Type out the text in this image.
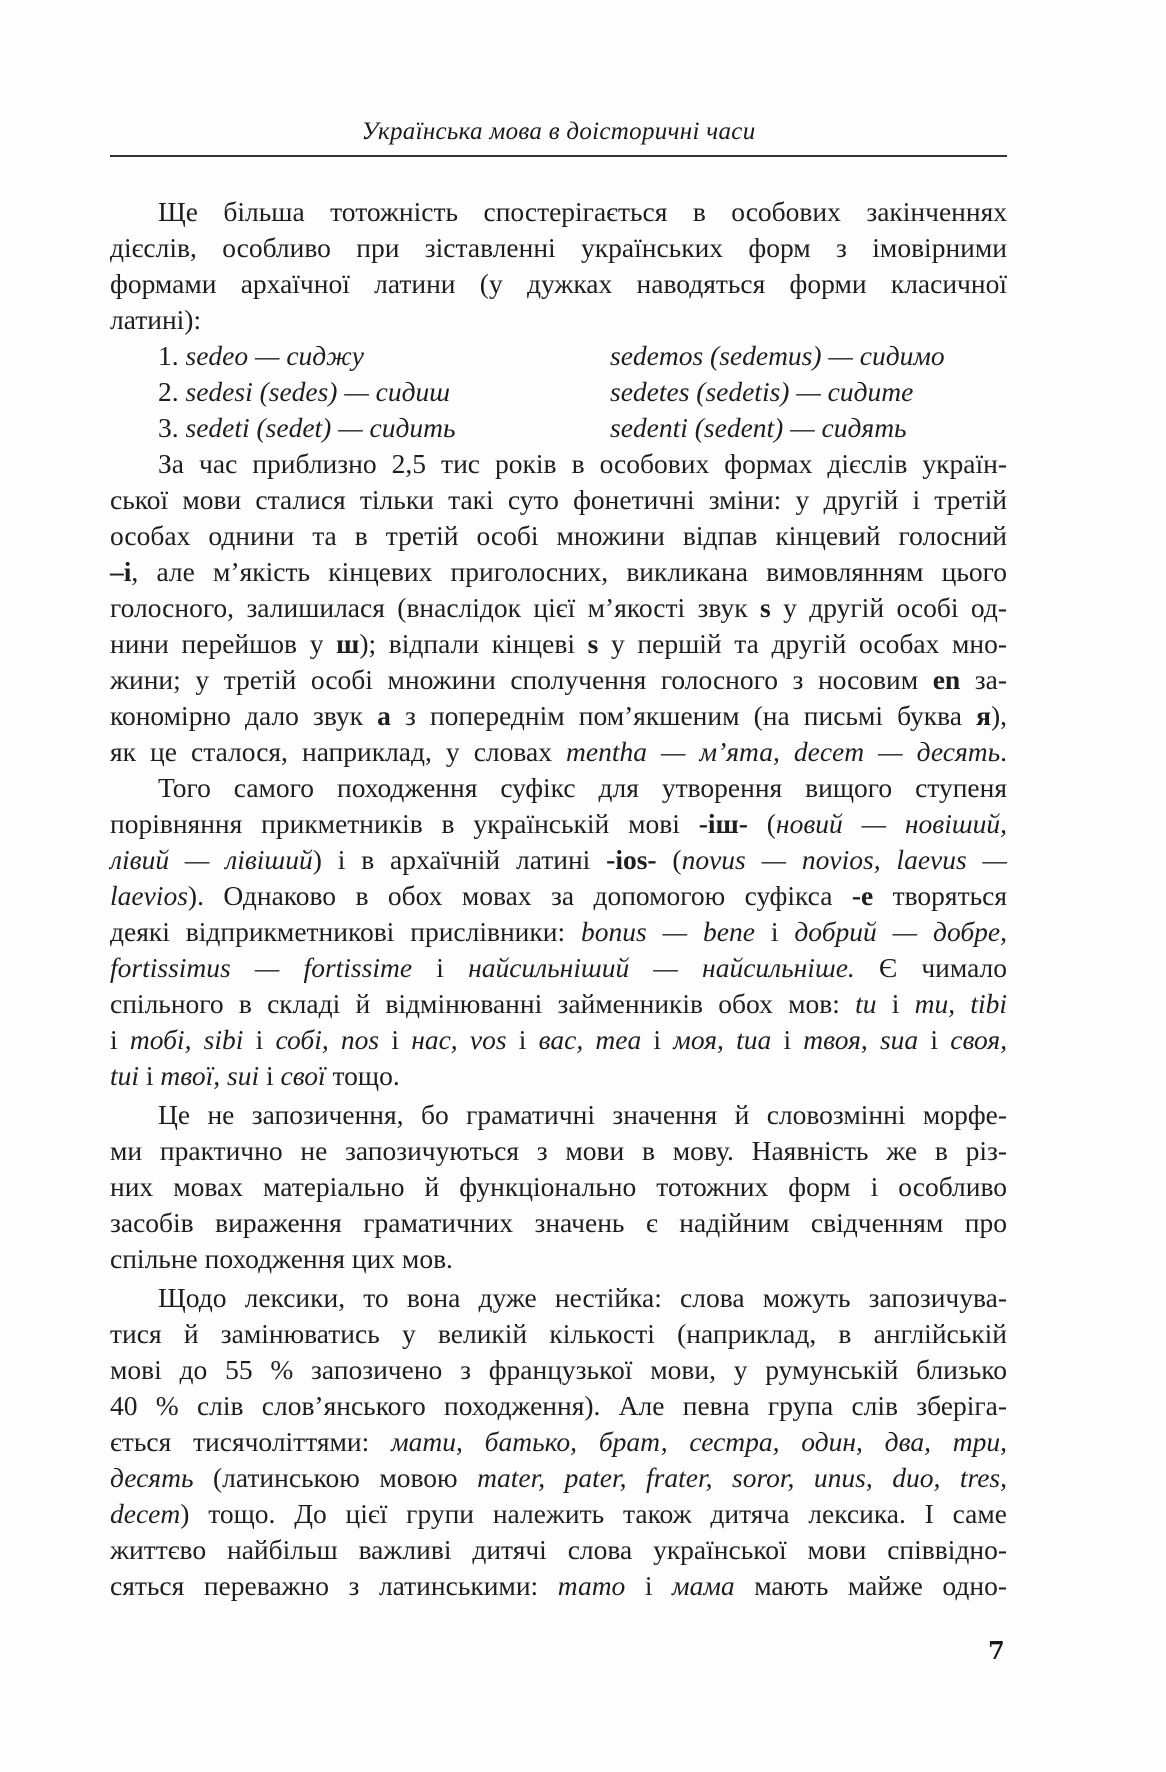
Українська мова в доісторичні часи
Ще більша тотожність спостерігається в особових закінченнях
дієслів, особливо при зіставленні українських форм з імовірними
формами архаїчної латини (у дужках наводяться форми класичної
латині):
1. sedeo — сиджу	sedemos (sedemus) — сидимо
2. sedesi (sedes) — сидиш	sedetes (sedetis) — сидите
3. sedeti (sedet) — сидить	sedenti (sedent) — сидять
За час приблизно 2,5 тис років в особових формах дієслів україн-
ської мови сталися тільки такі суто фонетичні зміни: у другій і третій
особах однини та в третій особі множини відпав кінцевий голосний
–і, але м’якість кінцевих приголосних, викликана вимовлянням цього
голосного, залишилася (внаслідок цієї м’якості звук s у другій особі од-
нини перейшов у ш); відпали кінцеві s у першій та другій особах мно-
жини; у третій особі множини сполучення голосного з носовим en за-
кономірно дало звук а з попереднім пом’якшеним (на письмі буква я),
як це сталося, наприклад, у словах mentha — м’ята, decem — десять.
Того самого походження суфікс для утворення вищого ступеня
порівняння прикметників в українській мові -іш- (новий — новіший,
лівий — лівіший) і в архаїчній латині -ios- (novus — novios, laevus —
laevios). Однаково в обох мовах за допомогою суфікса -е творяться
деякі відприкметникові прислівники: bonus — bene і добрий — добре,
fortissimus — fortissime і найсильніший — найсильніше. Є чимало
спільного в складі й відмінюванні займенників обох мов: tu і ти, tibi
і тобі, sibi і собі, nos і нас, vos і вас, mea і моя, tua і твоя, sua і своя,
tui і твої, sui і свої тощо.
Це не запозичення, бо граматичні значення й словозмінні морфе-
ми практично не запозичуються з мови в мову. Наявність же в різ-
них мовах матеріально й функціонально тотожних форм і особливо
засобів вираження граматичних значень є надійним свідченням про
спільне походження цих мов.
Щодо лексики, то вона дуже нестійка: слова можуть запозичува-
тися й замінюватись у великій кількості (наприклад, в англійській
мові до 55 % запозичено з французької мови, у румунській близько
40 % слів слов’янського походження). Але певна група слів зберіга-
ється тисячоліттями: мати, батько, брат, сестра, один, два, три,
десять (латинською мовою mater, pater, frater, soror, unus, duo, tres,
decem) тощо. До цієї групи належить також дитяча лексика. І саме
життєво найбільш важливі дитячі слова української мови співвідно-
сяться переважно з латинськими: тато і мама мають майже одно-
7
